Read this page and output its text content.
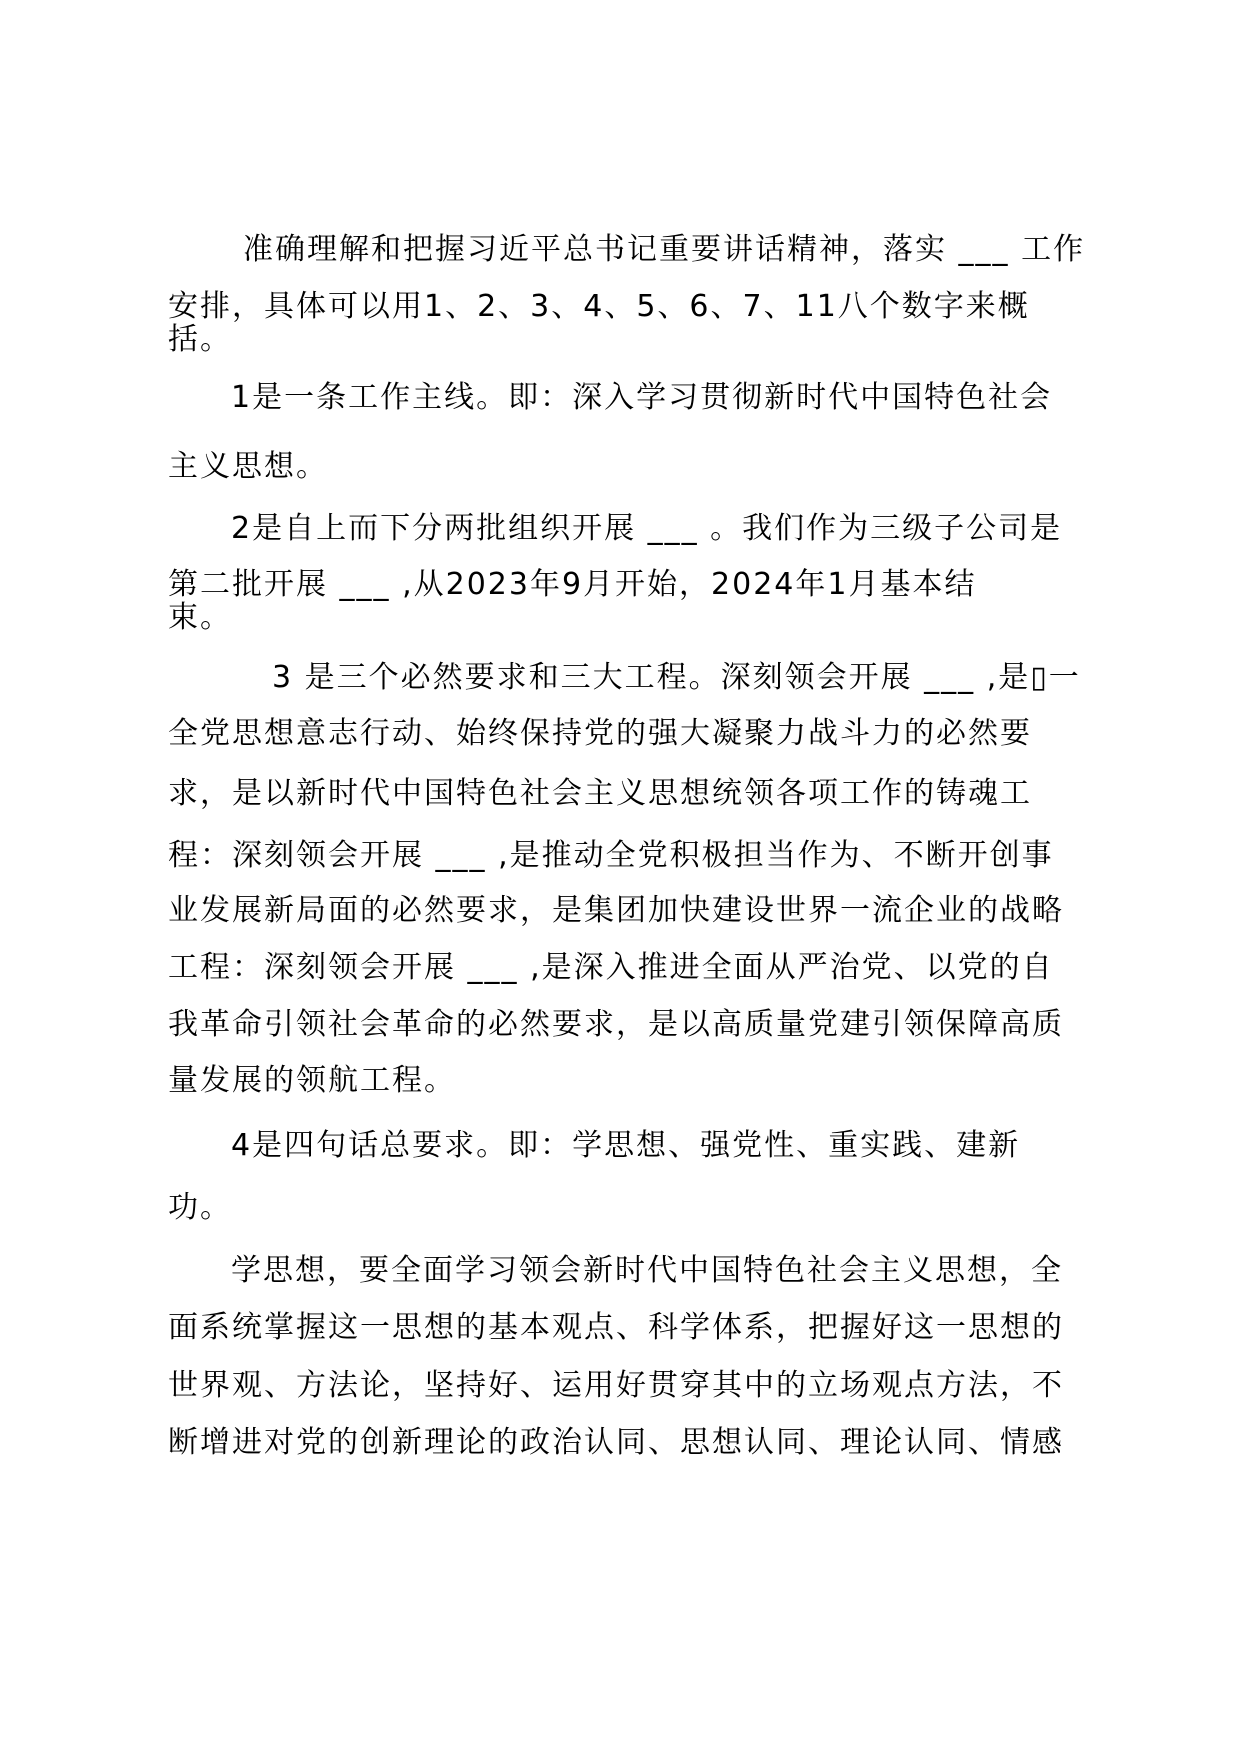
准确理解和把握习近平总书记重要讲话精神，落实 ___ 工作
安排，具体可以用1、2、3、4、5、6、7、11八个数字来概
括。
1是一条工作主线。即：深入学习贯彻新时代中国特色社会
主义思想。
2是自上而下分两批组织开展 ___ 。我们作为三级子公司是
第二批开展 ___ ,从2023年9月开始，2024年1月基本结
束。
3 是三个必然要求和三大工程。深刻领会开展 ___ ,是▯一
全党思想意志行动、始终保持党的强大凝聚力战斗力的必然要
求，是以新时代中国特色社会主义思想统领各项工作的铸魂工
程：深刻领会开展 ___ ,是推动全党积极担当作为、不断开创事
业发展新局面的必然要求，是集团加快建设世界一流企业的战略
工程：深刻领会开展 ___ ,是深入推进全面从严治党、以党的自
我革命引领社会革命的必然要求，是以高质量党建引领保障高质
量发展的领航工程。
4是四句话总要求。即：学思想、强党性、重实践、建新
功。
学思想，要全面学习领会新时代中国特色社会主义思想，全
面系统掌握这一思想的基本观点、科学体系，把握好这一思想的
世界观、方法论，坚持好、运用好贯穿其中的立场观点方法，不
断增进对党的创新理论的政治认同、思想认同、理论认同、情感
